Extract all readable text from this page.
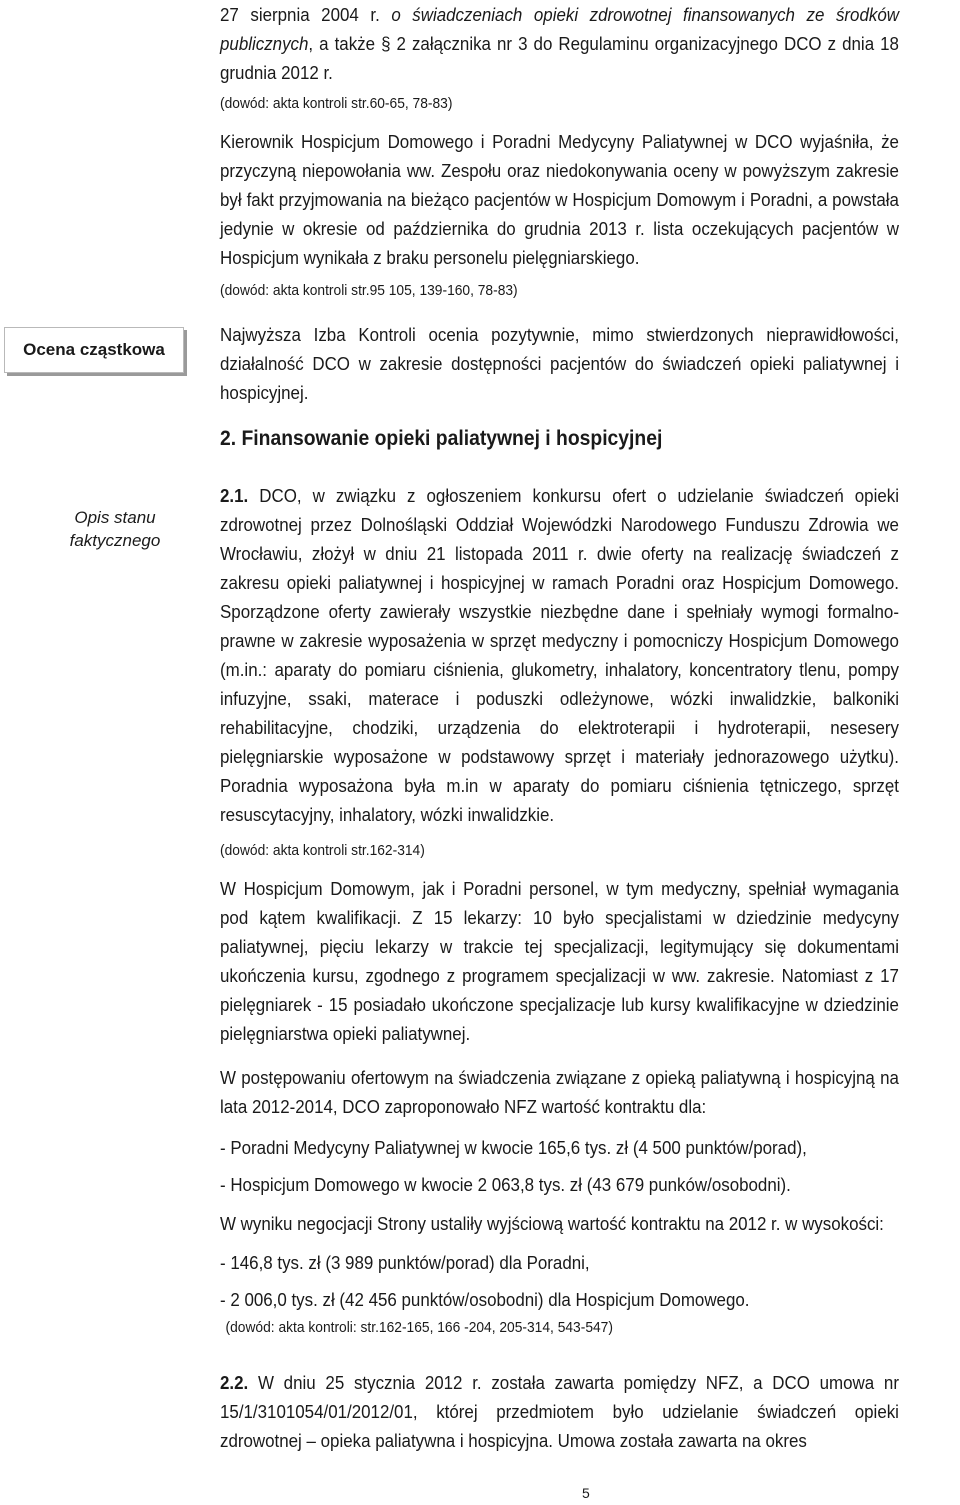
Ocena cząstkowa
Opis stanu
faktycznego

27 sierpnia 2004 r. o świadczeniach opieki zdrowotnej finansowanych ze środków publicznych, a także § 2 załącznika nr 3 do Regulaminu organizacyjnego DCO z dnia 18 grudnia 2012 r.

(dowód: akta kontroli str.60-65, 78-83)

Kierownik Hospicjum Domowego i Poradni Medycyny Paliatywnej w DCO wyjaśniła, że przyczyną niepowołania ww. Zespołu oraz niedokonywania oceny w powyższym zakresie był fakt przyjmowania na bieżąco pacjentów w Hospicjum Domowym i Poradni, a powstała jedynie w okresie od października do grudnia 2013 r. lista oczekujących pacjentów w Hospicjum wynikała z braku personelu pielęgniarskiego.

(dowód: akta kontroli str.95 105, 139-160, 78-83)

Najwyższa Izba Kontroli ocenia pozytywnie, mimo stwierdzonych nieprawidłowości, działalność DCO w zakresie dostępności pacjentów do świadczeń opieki paliatywnej i hospicyjnej.

2. Finansowanie opieki paliatywnej i hospicyjnej

2.1. DCO, w związku z ogłoszeniem konkursu ofert o udzielanie świadczeń opieki zdrowotnej przez Dolnośląski Oddział Wojewódzki Narodowego Funduszu Zdrowia we Wrocławiu, złożył w dniu 21 listopada 2011 r. dwie oferty na realizację świadczeń z zakresu opieki paliatywnej i hospicyjnej w ramach Poradni oraz Hospicjum Domowego. Sporządzone oferty zawierały wszystkie niezbędne dane i spełniały wymogi formalno-prawne w zakresie wyposażenia w sprzęt medyczny i pomocniczy Hospicjum Domowego (m.in.: aparaty do pomiaru ciśnienia, glukometry, inhalatory, koncentratory tlenu, pompy infuzyjne, ssaki, materace i poduszki odleżynowe, wózki inwalidzkie, balkoniki rehabilitacyjne, chodziki, urządzenia do elektroterapii i hydroterapii, nesesery pielęgniarskie wyposażone w podstawowy sprzęt i materiały jednorazowego użytku). Poradnia wyposażona była m.in w aparaty do pomiaru ciśnienia tętniczego, sprzęt resuscytacyjny, inhalatory, wózki inwalidzkie.

(dowód: akta kontroli str.162-314)

W Hospicjum Domowym, jak i Poradni personel, w tym medyczny, spełniał wymagania pod kątem kwalifikacji. Z 15 lekarzy: 10 było specjalistami w dziedzinie medycyny paliatywnej, pięciu lekarzy w trakcie tej specjalizacji, legitymujący się dokumentami ukończenia kursu, zgodnego z programem specjalizacji w ww. zakresie. Natomiast z 17 pielęgniarek - 15 posiadało ukończone specjalizacje lub kursy kwalifikacyjne w dziedzinie pielęgniarstwa opieki paliatywnej.

W postępowaniu ofertowym na świadczenia związane z opieką paliatywną i hospicyjną na lata 2012-2014, DCO zaproponowało NFZ wartość kontraktu dla:

- Poradni Medycyny Paliatywnej w kwocie 165,6 tys. zł (4 500 punktów/porad),

- Hospicjum Domowego w kwocie 2 063,8 tys. zł (43 679 punków/osobodni).

W wyniku negocjacji Strony ustaliły wyjściową wartość kontraktu na 2012 r. w wysokości:

- 146,8 tys. zł (3 989 punktów/porad) dla Poradni,

- 2 006,0 tys. zł (42 456 punktów/osobodni) dla Hospicjum Domowego.

(dowód: akta kontroli: str.162-165, 166 -204, 205-314, 543-547)

2.2. W dniu 25 stycznia 2012 r. została zawarta pomiędzy NFZ, a DCO umowa nr 15/1/3101054/01/2012/01, której przedmiotem było udzielanie świadczeń opieki zdrowotnej – opieka paliatywna i hospicyjna. Umowa została zawarta na okres

5
